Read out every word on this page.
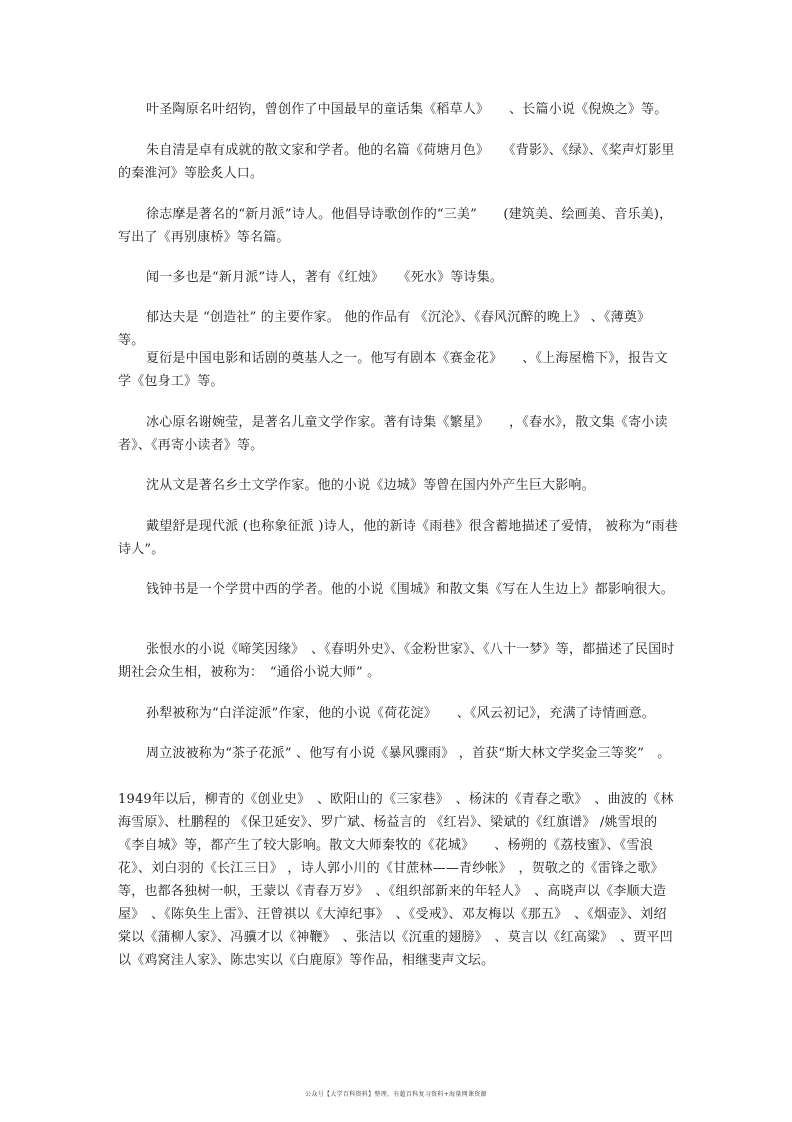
叶圣陶原名叶绍钧，曾创作了中国最早的童话集《稻草人》　　、长篇小说《倪焕之》等。

朱自清是卓有成就的散文家和学者。他的名篇《荷塘月色》　　《背影》、《绿》、《桨声灯影里的秦淮河》等脍炙人口。

徐志摩是著名的“新月派”诗人。他倡导诗歌创作的“三美”　　(建筑美、绘画美、音乐美)，写出了《再别康桥》等名篇。

闻一多也是“新月派”诗人，著有《红烛》　　《死水》等诗集。

郁达夫是 “创造社” 的主要作家。 他的作品有 《沉沦》、《春风沉醉的晚上》 、《薄奠》 等。

夏衍是中国电影和话剧的奠基人之一。他写有剧本《赛金花》　　、《上海屋檐下》，报告文学《包身工》等。

冰心原名谢婉莹，是著名儿童文学作家。著有诗集《繁星》　　，《春水》，散文集《寄小读者》、《再寄小读者》等。

沈从文是著名乡土文学作家。他的小说《边城》等曾在国内外产生巨大影响。

戴望舒是现代派 (也称象征派 )诗人，他的新诗《雨巷》很含蓄地描述了爱情， 被称为“雨巷诗人”。

钱钟书是一个学贯中西的学者。他的小说《围城》和散文集《写在人生边上》都影响很大。

张恨水的小说《啼笑因缘》　、《春明外史》、《金粉世家》、《八十一梦》等，都描述了民国时期社会众生相，被称为：　“通俗小说大师” 。

孙犁被称为“白洋淀派”作家，他的小说《荷花淀》　　、《风云初记》，充满了诗情画意。

周立波被称为“茶子花派” 、他写有小说《暴风骤雨》 ，首获“斯大林文学奖金三等奖”　。

1949年以后，柳青的《创业史》　、欧阳山的《三家巷》　、杨沫的《青春之歌》　、曲波的《林海雪原》、杜鹏程的 《保卫延安》、罗广斌、杨益言的 《红岩》、梁斌的《红旗谱》 /姚雪垠的 《李自城》等，都产生了较大影响。散文大师秦牧的《花城》　　、杨朔的《荔枝蜜》、《雪浪花》、刘白羽的《长江三日》 ，诗人郭小川的《甘蔗林——青纱帐》　，贺敬之的《雷锋之歌》等，也都各独树一帜，王蒙以《青春万岁》　、《组织部新来的年轻人》　、高晓声以《李顺大造屋》　、《陈奂生上雷》、汪曾祺以《大淖纪事》　、《受戒》、邓友梅以《那五》　、《烟壶》、刘绍棠以《蒲柳人家》、冯骥才以《神鞭》　、张洁以《沉重的翅膀》　、莫言以《红高粱》　、贾平凹以《鸡窝洼人家》、陈忠实以《白鹿原》等作品，相继斐声文坛。

公众号【大学百科资料】整理，有超百科复习资料+海量网课资源
